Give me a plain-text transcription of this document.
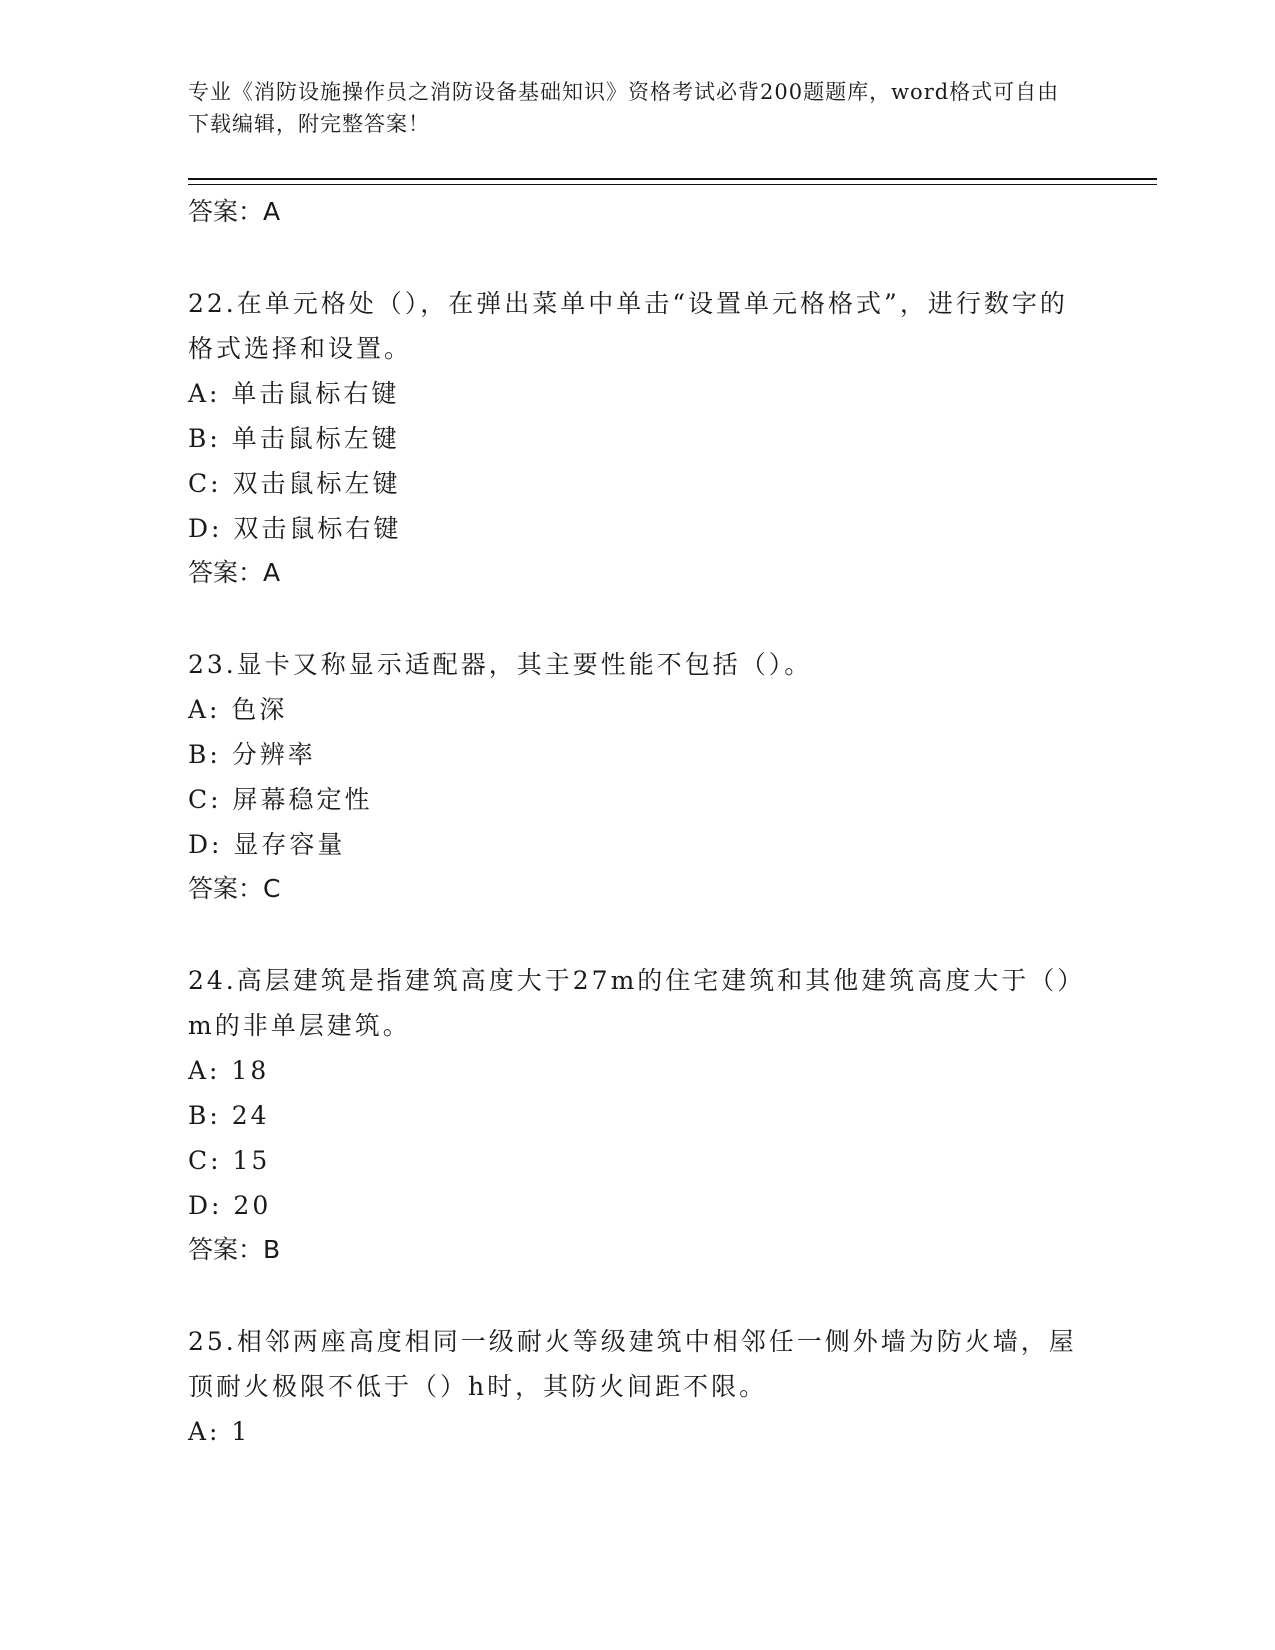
专业《消防设施操作员之消防设备基础知识》资格考试必背200题题库，word格式可自由下载编辑，附完整答案！
答案：A
22.在单元格处（），在弹出菜单中单击“设置单元格格式”，进行数字的格式选择和设置。
A: 单击鼠标右键
B: 单击鼠标左键
C: 双击鼠标左键
D: 双击鼠标右键
答案：A
23.显卡又称显示适配器，其主要性能不包括（）。
A: 色深
B: 分辨率
C: 屏幕稳定性
D: 显存容量
答案：C
24.高层建筑是指建筑高度大于27m的住宅建筑和其他建筑高度大于（）m的非单层建筑。
A: 18
B: 24
C: 15
D: 20
答案：B
25.相邻两座高度相同一级耐火等级建筑中相邻任一侧外墙为防火墙，屋顶耐火极限不低于（）h时，其防火间距不限。
A: 1
